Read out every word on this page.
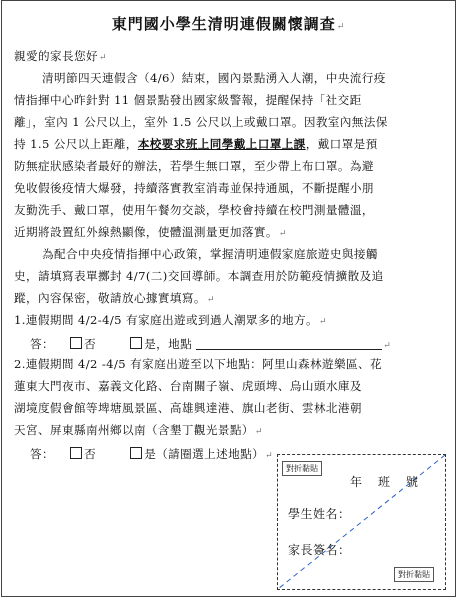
東門國小學生清明連假關懷調查↵
親愛的家長您好↵
清明節四天連假含（4/6）結束，國內景點湧入人潮，中央流行疫
情指揮中心昨針對 11 個景點發出國家級警報，提醒保持「社交距
離」，室內 1 公尺以上，室外 1.5 公尺以上或戴口罩。因教室內無法保
持 1.5 公尺以上距離，本校要求班上同學戴上口罩上課，戴口罩是預
防無症狀感染者最好的辦法，若學生無口罩，至少帶上布口罩。為避
免收假後疫情大爆發，持續落實教室消毒並保持通風，不斷提醒小朋
友勤洗手、戴口罩，使用午餐勿交談，學校會持續在校門測量體溫，
近期將設置紅外線熱顯像，使體溫測量更加落實。↵
為配合中央疫情指揮中心政策，掌握清明連假家庭旅遊史與接觸
史，請填寫表單擲封 4/7(二)交回導師。本調查用於防範疫情擴散及追
蹤，內容保密，敬請放心據實填寫。↵
1.連假期間 4/2-4/5 有家庭出遊或到過人潮眾多的地方。↵
答：	否	是，地點	↵
2.連假期間 4/2 -4/5 有家庭出遊至以下地點：阿里山森林遊樂區、花
蓮東大門夜市、嘉義文化路、台南關子嶺、虎頭埤、烏山頭水庫及
湖境度假會館等埤塘風景區、高雄興達港、旗山老街、雲林北港朝
天宮、屏東縣南州鄉以南（含墾丁觀光景點）↵
答：	否	是（請圈選上述地點）↵
對折黏貼
年　班　號
學生姓名：
家長簽名：
對折黏貼
